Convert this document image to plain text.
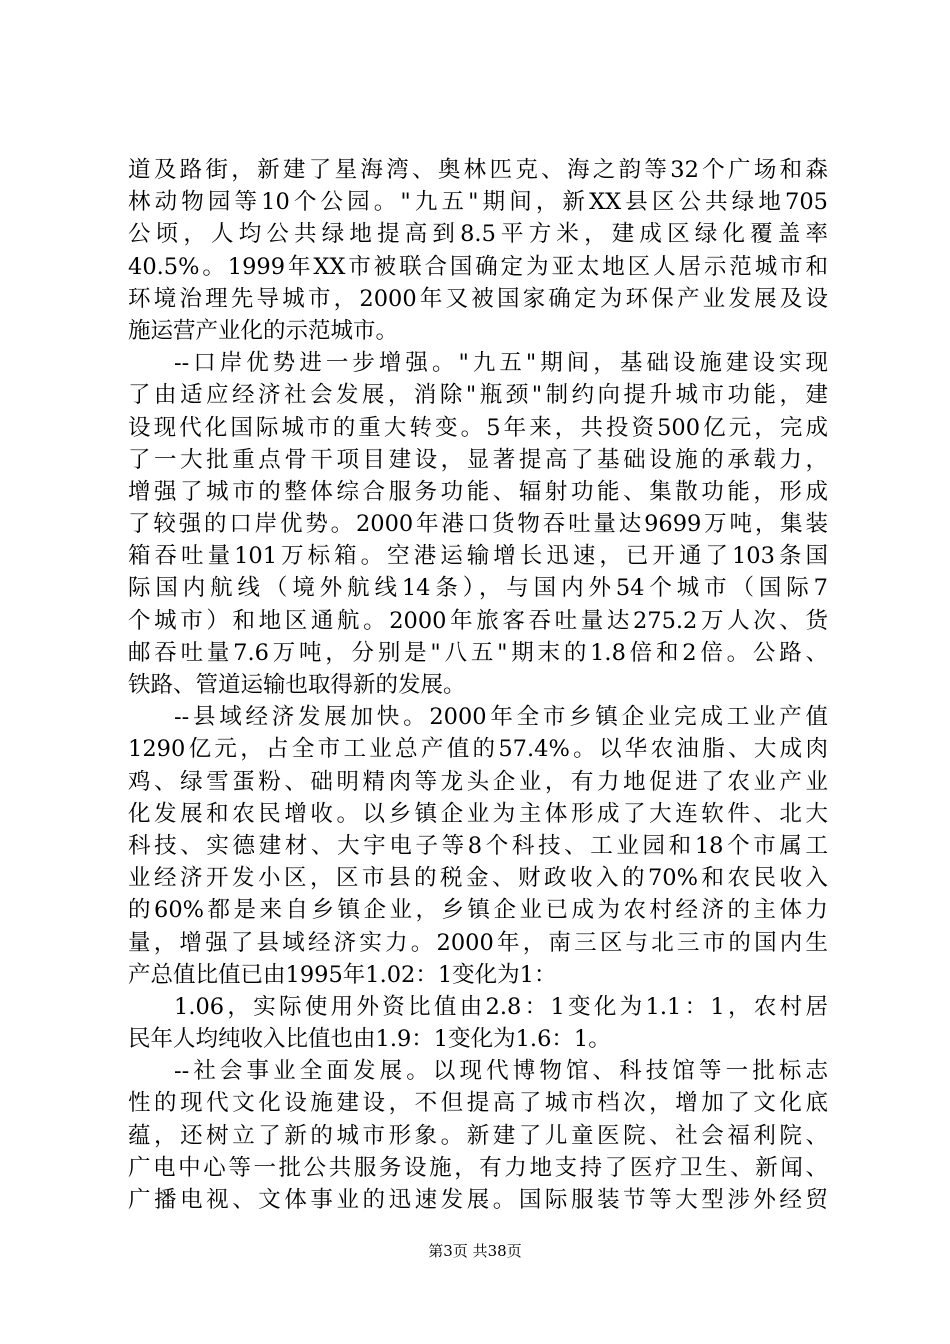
道及路街，新建了星海湾、奥林匹克、海之韵等32个广场和森
林动物园等10个公园。"九五"期间，新XX县区公共绿地705
公顷，人均公共绿地提高到8.5平方米，建成区绿化覆盖率
40.5%。1999年XX市被联合国确定为亚太地区人居示范城市和
环境治理先导城市，2000年又被国家确定为环保产业发展及设
施运营产业化的示范城市。
--口岸优势进一步增强。"九五"期间，基础设施建设实现
了由适应经济社会发展，消除"瓶颈"制约向提升城市功能，建
设现代化国际城市的重大转变。5年来，共投资500亿元，完成
了一大批重点骨干项目建设，显著提高了基础设施的承载力，
增强了城市的整体综合服务功能、辐射功能、集散功能，形成
了较强的口岸优势。2000年港口货物吞吐量达9699万吨，集装
箱吞吐量101万标箱。空港运输增长迅速，已开通了103条国
际国内航线（境外航线14条），与国内外54个城市（国际7
个城市）和地区通航。2000年旅客吞吐量达275.2万人次、货
邮吞吐量7.6万吨，分别是"八五"期末的1.8倍和2倍。公路、
铁路、管道运输也取得新的发展。
--县域经济发展加快。2000年全市乡镇企业完成工业产值
1290亿元，占全市工业总产值的57.4%。以华农油脂、大成肉
鸡、绿雪蛋粉、础明精肉等龙头企业，有力地促进了农业产业
化发展和农民增收。以乡镇企业为主体形成了大连软件、北大
科技、实德建材、大宇电子等8个科技、工业园和18个市属工
业经济开发小区，区市县的税金、财政收入的70%和农民收入
的60%都是来自乡镇企业，乡镇企业已成为农村经济的主体力
量，增强了县域经济实力。2000年，南三区与北三市的国内生
产总值比值已由1995年1.02：1变化为1：
1.06，实际使用外资比值由2.8：1变化为1.1：1，农村居
民年人均纯收入比值也由1.9：1变化为1.6：1。
--社会事业全面发展。以现代博物馆、科技馆等一批标志
性的现代文化设施建设，不但提高了城市档次，增加了文化底
蕴，还树立了新的城市形象。新建了儿童医院、社会福利院、
广电中心等一批公共服务设施，有力地支持了医疗卫生、新闻、
广播电视、文体事业的迅速发展。国际服装节等大型涉外经贸
第3页 共38页
